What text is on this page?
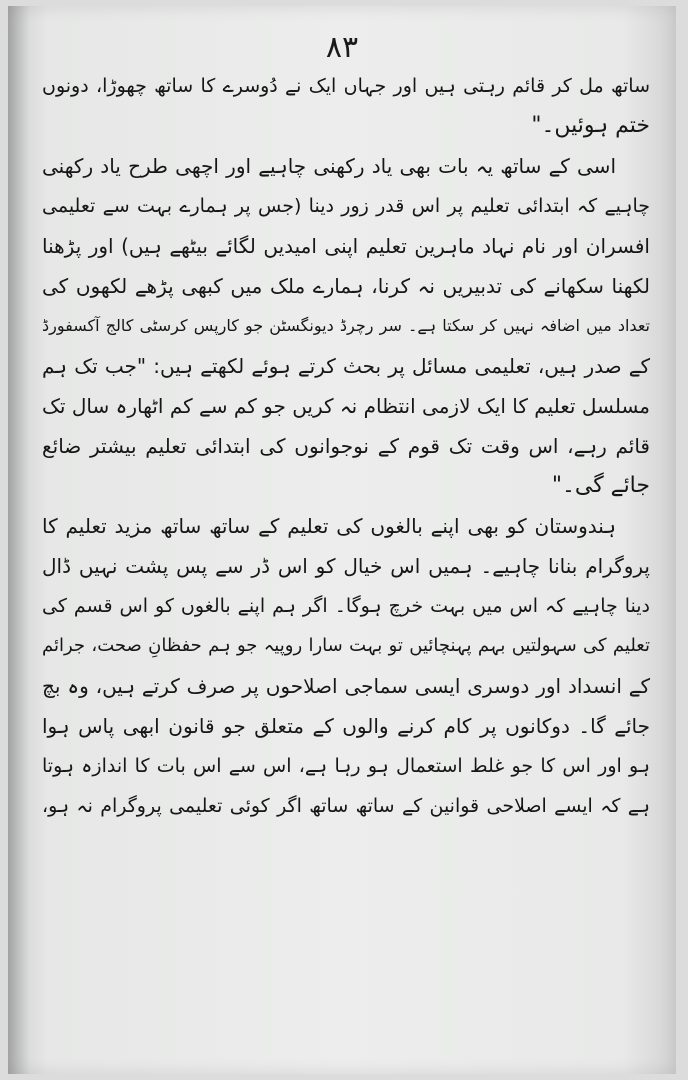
۸۳
ساتھ مل کر قائم رہتی ہیں اور جہاں ایک نے دُوسرے کا ساتھ چھوڑا، دونوں
ختم ہوئیں۔"
اسی کے ساتھ یہ بات بھی یاد رکھنی چاہیے اور اچھی طرح یاد رکھنی
چاہیے کہ ابتدائی تعلیم پر اس قدر زور دینا (جس پر ہمارے بہت سے تعلیمی
افسران اور نام نہاد ماہرین تعلیم اپنی امیدیں لگائے بیٹھے ہیں) اور پڑھنا
لکھنا سکھانے کی تدبیریں نہ کرنا، ہمارے ملک میں کبھی پڑھے لکھوں کی
تعداد میں اضافہ نہیں کر سکتا ہے۔ سر رچرڈ دیونگسٹن جو کارپس کرسٹی کالج آکسفورڈ
کے صدر ہیں، تعلیمی مسائل پر بحث کرتے ہوئے لکھتے ہیں: "جب تک ہم
مسلسل تعلیم کا ایک لازمی انتظام نہ کریں جو کم سے کم اٹھارہ سال تک
قائم رہے، اس وقت تک قوم کے نوجوانوں کی ابتدائی تعلیم بیشتر ضائع
جائے گی۔"
ہندوستان کو بھی اپنے بالغوں کی تعلیم کے ساتھ ساتھ مزید تعلیم کا
پروگرام بنانا چاہیے۔ ہمیں اس خیال کو اس ڈر سے پس پشت نہیں ڈال
دینا چاہیے کہ اس میں بہت خرچ ہوگا۔ اگر ہم اپنے بالغوں کو اس قسم کی
تعلیم کی سہولتیں بہم پہنچائیں تو بہت سارا روپیہ جو ہم حفظانِ صحت، جرائم
کے انسداد اور دوسری ایسی سماجی اصلاحوں پر صرف کرتے ہیں، وہ بچ
جائے گا۔ دوکانوں پر کام کرنے والوں کے متعلق جو قانون ابھی پاس ہوا
ہو اور اس کا جو غلط استعمال ہو رہا ہے، اس سے اس بات کا اندازہ ہوتا
ہے کہ ایسے اصلاحی قوانین کے ساتھ ساتھ اگر کوئی تعلیمی پروگرام نہ ہو،
